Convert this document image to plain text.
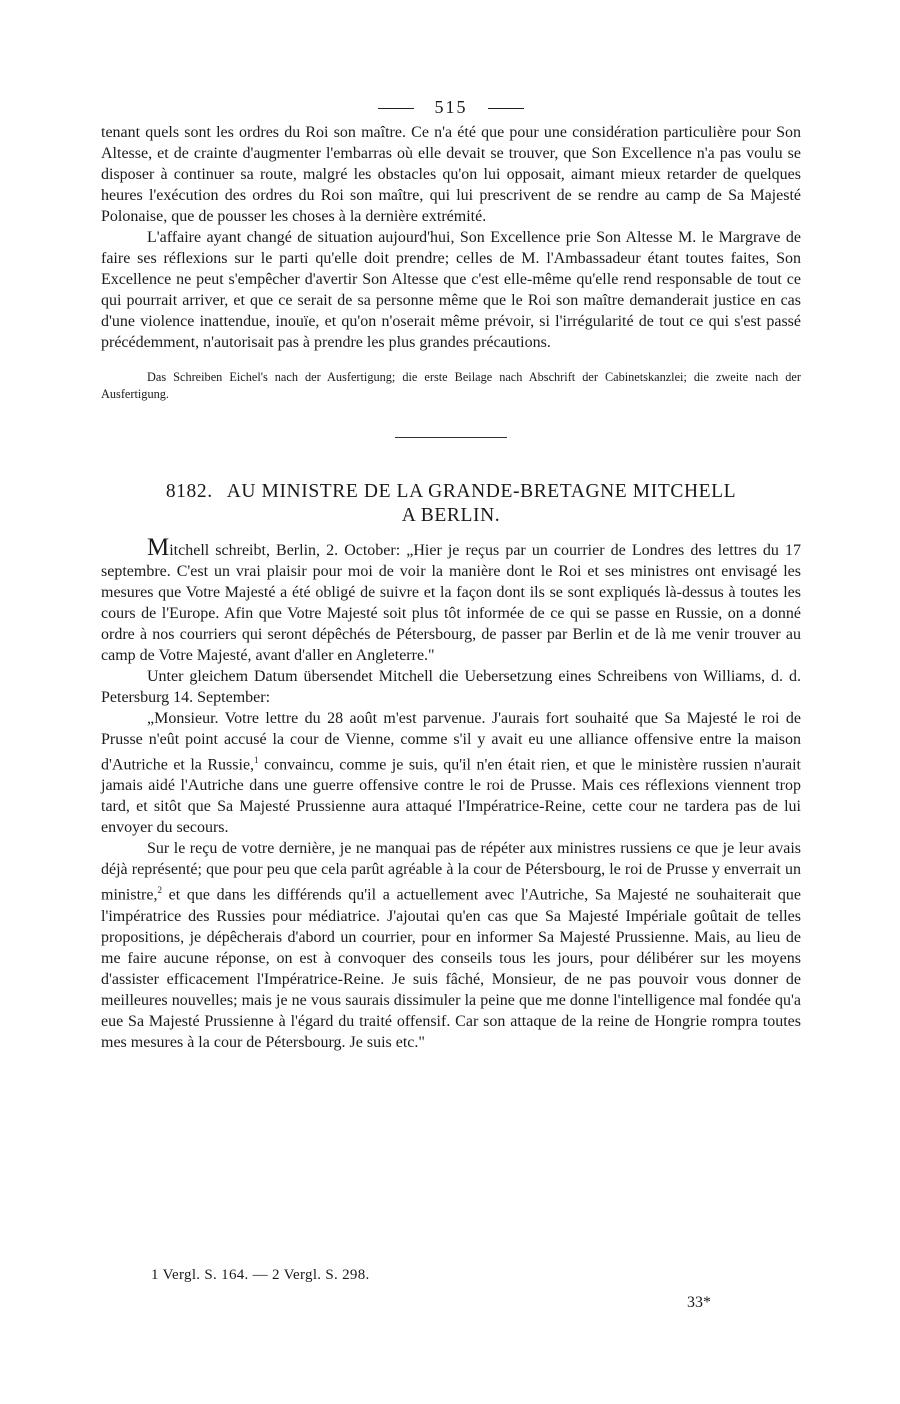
515

tenant quels sont les ordres du Roi son maître. Ce n'a été que pour une considération particulière pour Son Altesse, et de crainte d'augmenter l'embarras où elle devait se trouver, que Son Excellence n'a pas voulu se disposer à continuer sa route, malgré les obstacles qu'on lui opposait, aimant mieux retarder de quelques heures l'exécution des ordres du Roi son maître, qui lui prescrivent de se rendre au camp de Sa Majesté Polonaise, que de pousser les choses à la dernière extrémité.

L'affaire ayant changé de situation aujourd'hui, Son Excellence prie Son Altesse M. le Margrave de faire ses réflexions sur le parti qu'elle doit prendre; celles de M. l'Ambassadeur étant toutes faites, Son Excellence ne peut s'empêcher d'avertir Son Altesse que c'est elle-même qu'elle rend responsable de tout ce qui pourrait arriver, et que ce serait de sa personne même que le Roi son maître demanderait justice en cas d'une violence inattendue, inouïe, et qu'on n'oserait même prévoir, si l'irrégularité de tout ce qui s'est passé précédemment, n'autorisait pas à prendre les plus grandes précautions.

Das Schreiben Eichel's nach der Ausfertigung; die erste Beilage nach Abschrift der Cabinetskanzlei; die zweite nach der Ausfertigung.

8182. AU MINISTRE DE LA GRANDE-BRETAGNE MITCHELL
A BERLIN.

Mitchell schreibt, Berlin, 2. October: „Hier je reçus par un courrier de Londres des lettres du 17 septembre. C'est un vrai plaisir pour moi de voir la manière dont le Roi et ses ministres ont envisagé les mesures que Votre Majesté a été obligé de suivre et la façon dont ils se sont expliqués là-dessus à toutes les cours de l'Europe. Afin que Votre Majesté soit plus tôt informée de ce qui se passe en Russie, on a donné ordre à nos courriers qui seront dépêchés de Pétersbourg, de passer par Berlin et de là me venir trouver au camp de Votre Majesté, avant d'aller en Angleterre."

Unter gleichem Datum übersendet Mitchell die Uebersetzung eines Schreibens von Williams, d. d. Petersburg 14. September:

„Monsieur. Votre lettre du 28 août m'est parvenue. J'aurais fort souhaité que Sa Majesté le roi de Prusse n'eût point accusé la cour de Vienne, comme s'il y avait eu une alliance offensive entre la maison d'Autriche et la Russie,$^1$ convaincu, comme je suis, qu'il n'en était rien, et que le ministère russien n'aurait jamais aidé l'Autriche dans une guerre offensive contre le roi de Prusse. Mais ces réflexions viennent trop tard, et sitôt que Sa Majesté Prussienne aura attaqué l'Impératrice-Reine, cette cour ne tardera pas de lui envoyer du secours.

Sur le reçu de votre dernière, je ne manquai pas de répéter aux ministres russiens ce que je leur avais déjà représenté; que pour peu que cela parût agréable à la cour de Pétersbourg, le roi de Prusse y enverrait un ministre,$^2$ et que dans les différends qu'il a actuellement avec l'Autriche, Sa Majesté ne souhaiterait que l'impératrice des Russies pour médiatrice. J'ajoutai qu'en cas que Sa Majesté Impériale goûtait de telles propositions, je dépêcherais d'abord un courrier, pour en informer Sa Majesté Prussienne. Mais, au lieu de me faire aucune réponse, on est à convoquer des conseils tous les jours, pour délibérer sur les moyens d'assister efficacement l'Impératrice-Reine. Je suis fâché, Monsieur, de ne pas pouvoir vous donner de meilleures nouvelles; mais je ne vous saurais dissimuler la peine que me donne l'intelligence mal fondée qu'a eue Sa Majesté Prussienne à l'égard du traité offensif. Car son attaque de la reine de Hongrie rompra toutes mes mesures à la cour de Pétersbourg. Je suis etc."

1 Vergl. S. 164. — 2 Vergl. S. 298.
33*
